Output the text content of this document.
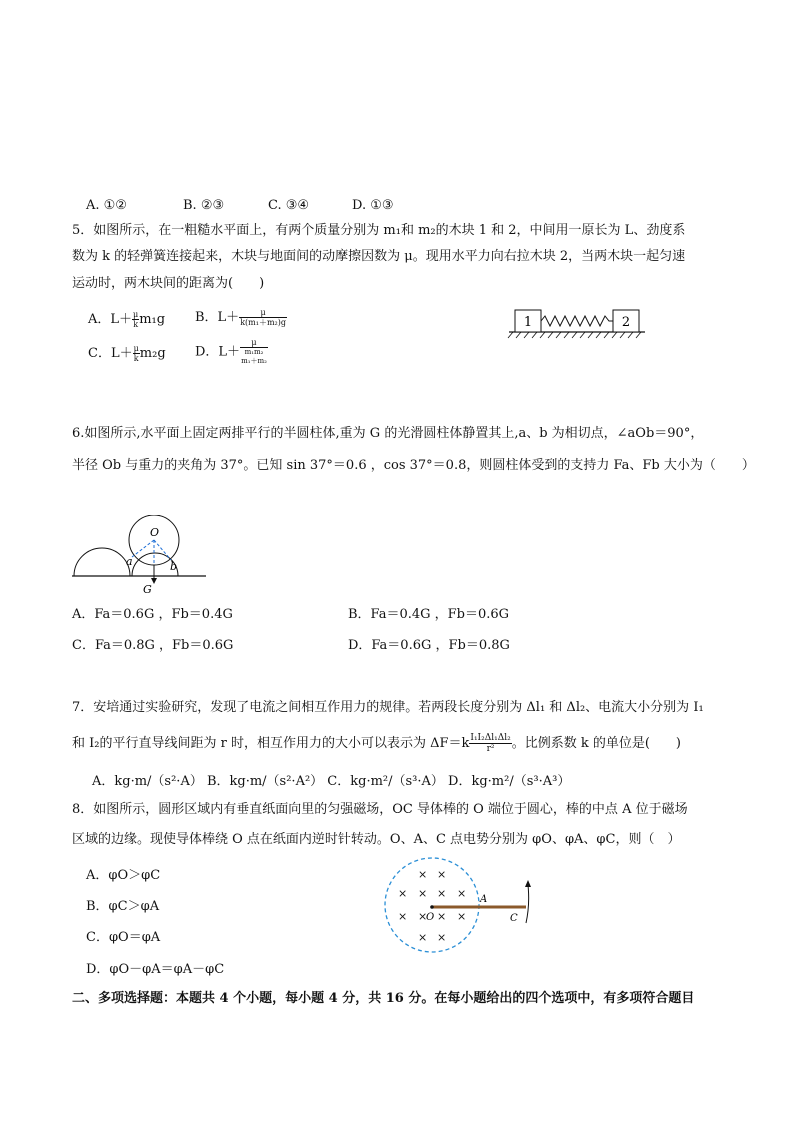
A. ①②	B. ②③	C. ③④	D. ①③
5．如图所示，在一粗糙水平面上，有两个质量分别为 m₁和 m₂的木块 1 和 2，中间用一原长为 L、劲度系
数为 k 的轻弹簧连接起来，木块与地面间的动摩擦因数为 μ。现用水平力向右拉木块 2，当两木块一起匀速
运动时，两木块间的距离为(　　)
A．$L+ \frac{\mu}{k} m_1g$ B．$L+ \frac{\mu}{\text{k(m₁＋m₂)g}}$
C．$L+ \frac{\mu}{k} m_2g$ D．L＋
μ
m₁m₂
m₁＋m₂
1	2
6.如图所示,水平面上固定两排平行的半圆柱体,重为 G 的光滑圆柱体静置其上,a、b 为相切点，∠aOb＝90°，
半径 Ob 与重力的夹角为 37°。已知 sin 37°＝0.6 ，cos 37°＝0.8，则圆柱体受到的支持力 Fa、Fb 大小为（　　）
O
a	b
G
A．Fa＝0.6G ，Fb＝0.4G	B．Fa＝0.4G ，Fb＝0.6G
C．Fa＝0.8G ，Fb＝0.6G	D．Fa＝0.6G ，Fb＝0.8G
7．安培通过实验研究，发现了电流之间相互作用力的规律。若两段长度分别为 Δl₁ 和 Δl₂、电流大小分别为 I₁
和 I₂的平行直导线间距为 r 时，相互作用力的大小可以表示为 $\Delta F=k \frac{\text{I₁I₂Δl₁Δl₂}}{\text{r²}}$ 。比例系数 k 的单位是(　　)
A．kg·m/（s²·A） B．kg·m/（s²·A²） C．kg·m²/（s³·A） D．kg·m²/（s³·A³）
8．如图所示，圆形区域内有垂直纸面向里的匀强磁场，OC 导体棒的 O 端位于圆心，棒的中点 A 位于磁场
区域的边缘。现使导体棒绕 O 点在纸面内逆时针转动。O、A、C 点电势分别为 φO、φA、φC，则（　）
A．φO＞φC
B．φC＞φA
C．φO＝φA
D．φO－φA＝φA－φC
× ×
× × × ×
× × × ×
× ×
O
A
C
二、多项选择题：本题共 4 个小题，每小题 4 分，共 16 分。在每小题给出的四个选项中，有多项符合题目
